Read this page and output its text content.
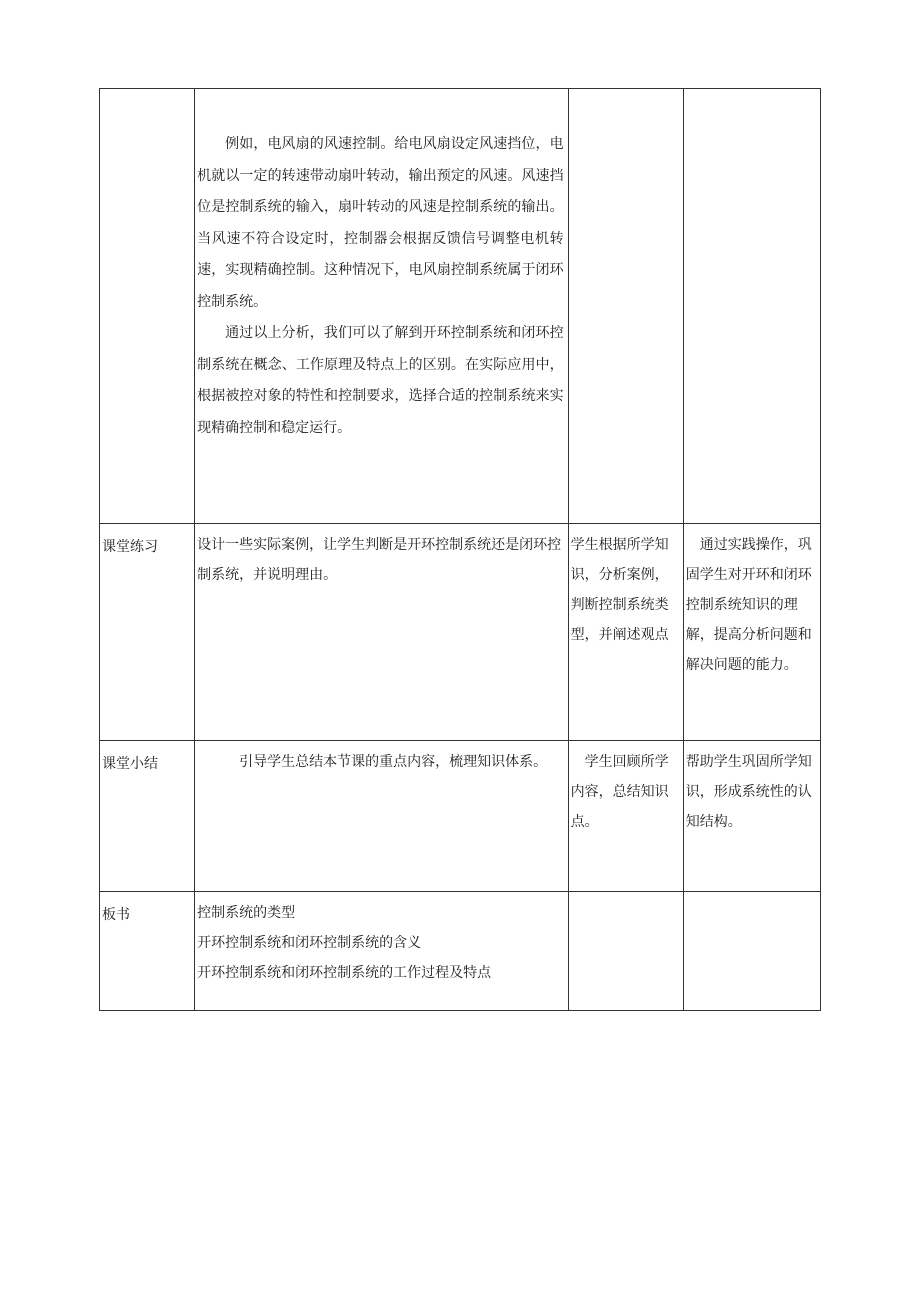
	例如，电风扇的风速控制。给电风扇设定风速挡位，电机就以一定的转速带动扇叶转动，输出预定的风速。风速挡位是控制系统的输入，扇叶转动的风速是控制系统的输出。当风速不符合设定时，控制器会根据反馈信号调整电机转速，实现精确控制。这种情况下，电风扇控制系统属于闭环控制系统。

通过以上分析，我们可以了解到开环控制系统和闭环控制系统在概念、工作原理及特点上的区别。在实际应用中，根据被控对象的特性和控制要求，选择合适的控制系统来实现精确控制和稳定运行。		

课堂练习	设计一些实际案例，让学生判断是开环控制系统还是闭环控制系统，并说明理由。	学生根据所学知识，分析案例，判断控制系统类型，并阐述观点	通过实践操作，巩固学生对开环和闭环控制系统知识的理解，提高分析问题和解决问题的能力。

课堂小结	引导学生总结本节课的重点内容，梳理知识体系。	学生回顾所学内容，总结知识点。	帮助学生巩固所学知识，形成系统性的认知结构。

板书	控制系统的类型
开环控制系统和闭环控制系统的含义
开环控制系统和闭环控制系统的工作过程及特点		
